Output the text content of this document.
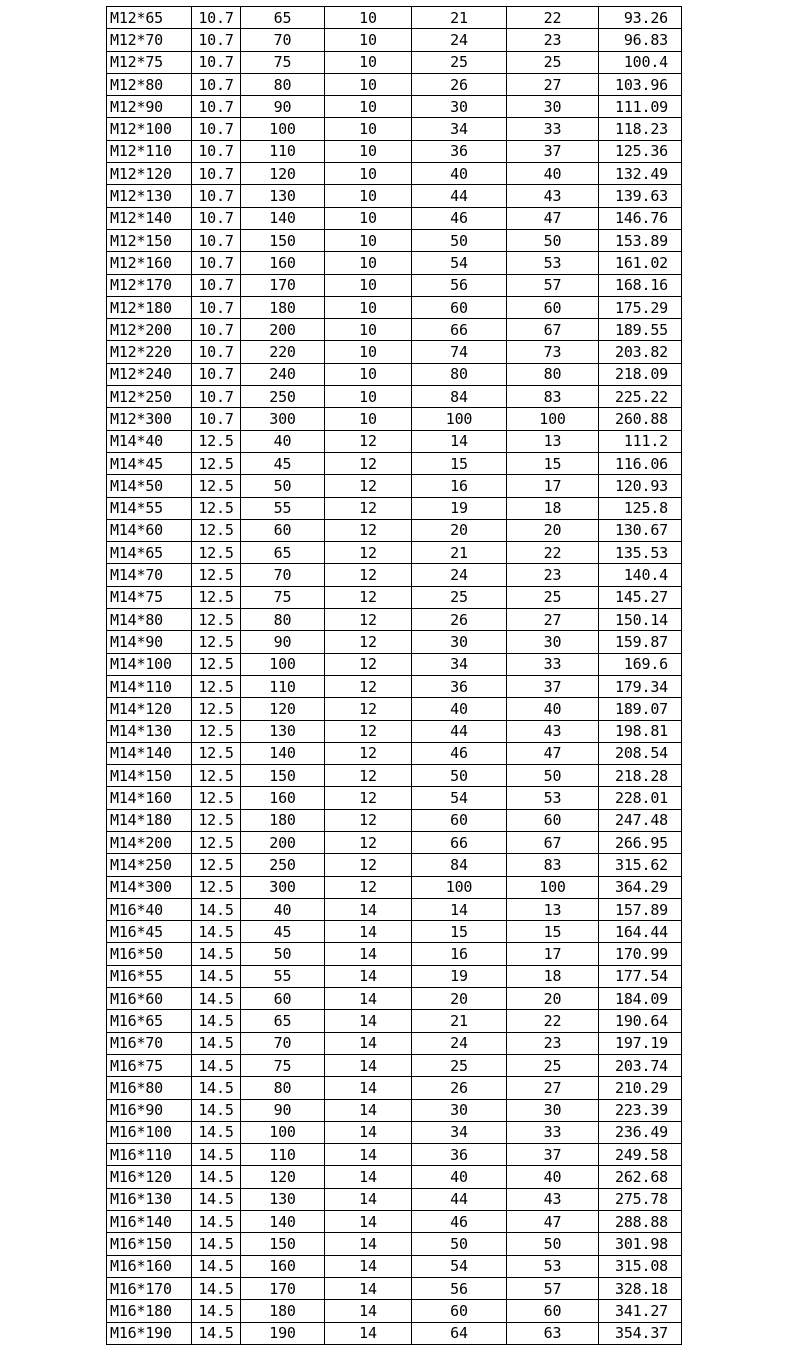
M12*65	10.7	65	10	21	22	93.26
M12*70	10.7	70	10	24	23	96.83
M12*75	10.7	75	10	25	25	100.4
M12*80	10.7	80	10	26	27	103.96
M12*90	10.7	90	10	30	30	111.09
M12*100	10.7	100	10	34	33	118.23
M12*110	10.7	110	10	36	37	125.36
M12*120	10.7	120	10	40	40	132.49
M12*130	10.7	130	10	44	43	139.63
M12*140	10.7	140	10	46	47	146.76
M12*150	10.7	150	10	50	50	153.89
M12*160	10.7	160	10	54	53	161.02
M12*170	10.7	170	10	56	57	168.16
M12*180	10.7	180	10	60	60	175.29
M12*200	10.7	200	10	66	67	189.55
M12*220	10.7	220	10	74	73	203.82
M12*240	10.7	240	10	80	80	218.09
M12*250	10.7	250	10	84	83	225.22
M12*300	10.7	300	10	100	100	260.88
M14*40	12.5	40	12	14	13	111.2
M14*45	12.5	45	12	15	15	116.06
M14*50	12.5	50	12	16	17	120.93
M14*55	12.5	55	12	19	18	125.8
M14*60	12.5	60	12	20	20	130.67
M14*65	12.5	65	12	21	22	135.53
M14*70	12.5	70	12	24	23	140.4
M14*75	12.5	75	12	25	25	145.27
M14*80	12.5	80	12	26	27	150.14
M14*90	12.5	90	12	30	30	159.87
M14*100	12.5	100	12	34	33	169.6
M14*110	12.5	110	12	36	37	179.34
M14*120	12.5	120	12	40	40	189.07
M14*130	12.5	130	12	44	43	198.81
M14*140	12.5	140	12	46	47	208.54
M14*150	12.5	150	12	50	50	218.28
M14*160	12.5	160	12	54	53	228.01
M14*180	12.5	180	12	60	60	247.48
M14*200	12.5	200	12	66	67	266.95
M14*250	12.5	250	12	84	83	315.62
M14*300	12.5	300	12	100	100	364.29
M16*40	14.5	40	14	14	13	157.89
M16*45	14.5	45	14	15	15	164.44
M16*50	14.5	50	14	16	17	170.99
M16*55	14.5	55	14	19	18	177.54
M16*60	14.5	60	14	20	20	184.09
M16*65	14.5	65	14	21	22	190.64
M16*70	14.5	70	14	24	23	197.19
M16*75	14.5	75	14	25	25	203.74
M16*80	14.5	80	14	26	27	210.29
M16*90	14.5	90	14	30	30	223.39
M16*100	14.5	100	14	34	33	236.49
M16*110	14.5	110	14	36	37	249.58
M16*120	14.5	120	14	40	40	262.68
M16*130	14.5	130	14	44	43	275.78
M16*140	14.5	140	14	46	47	288.88
M16*150	14.5	150	14	50	50	301.98
M16*160	14.5	160	14	54	53	315.08
M16*170	14.5	170	14	56	57	328.18
M16*180	14.5	180	14	60	60	341.27
M16*190	14.5	190	14	64	63	354.37
